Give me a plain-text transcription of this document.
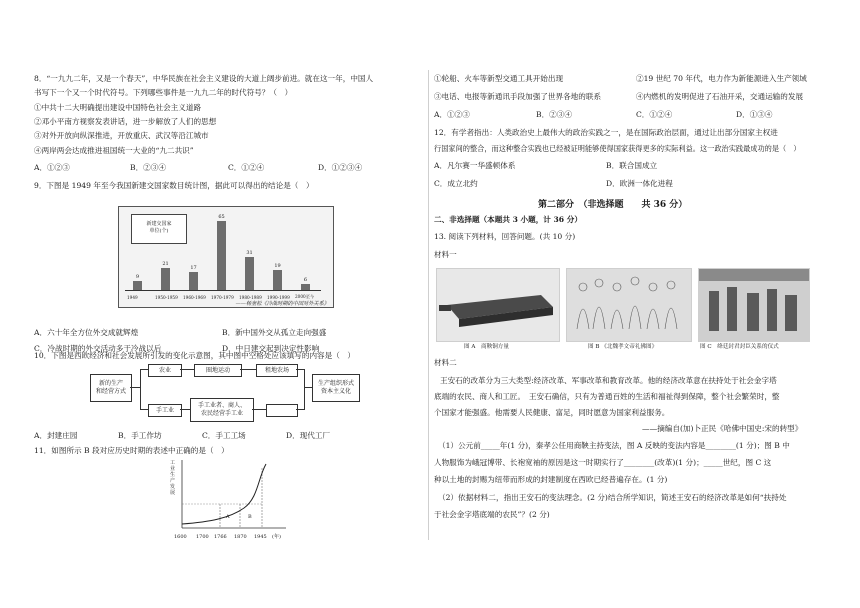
8．“一九九二年，又是一个春天”，中华民族在社会主义建设的大道上阔步前进。就在这一年，中国人
书写下一个又一个时代符号。下列哪些事件是一九九二年的时代符号？（　）
①中共十二大明确提出建设中国特色社会主义道路
②邓小平南方视察发表讲话，进一步解放了人们的思想
③对外开放向纵深推进，开放重庆、武汉等沿江城市
④两岸两会达成推进祖国统一大业的“九二共识”
A．①②③	B．②③④	C．①②④	D．①②③④
9．下图是 1949 年至今我国新建交国家数目统计图，据此可以得出的结论是（　）
新建交国家
单位(个)
——杨奎松《冷战时期的中国对外关系》
9
1949
21
1950-1959
17
1960-1969
65
1970-1979
31
1980-1989
19
1990-1999
6
2000至今
A．六十年全方位外交成就辉煌	B．新中国外交从孤立走向强盛
C．冷战时期的外交活动多于冷战以后	D．中日建交起到决定性影响
10．下图是西欧经济和社会发展所引发的变化示意图，其中图中空格处应该填写的内容是（　）
新的生产
和经营方式
农业	圈地运动	租地农场
手工业
手工业者、商人、
农民经营手工业
生产组织形式
资本主义化
A．封建庄园	B．手工作坊	C．手工工场	D．现代工厂
11．如图所示 B 段对应历史时期的表述中正确的是（　）
工业生产发展
A	B
1600 1700 1766 1870 1945 (年)
①轮船、火车等新型交通工具开始出现	②19 世纪 70 年代，电力作为新能源进入生产领域
③电话、电报等新通讯手段加强了世界各地的联系	④内燃机的发明促进了石油开采，交通运输的发展
A．①②③	B．②③④	C．①②④	D．①③④
12．有学者指出：人类政治史上最伟大的政治实践之一，是在国际政治层面，通过让出部分国家主权进
行国家间的整合，而这种整合实践也已经被证明能够使得国家获得更多的实际利益。这一政治实践最成功的是（　）
A．凡尔赛一华盛顿体系	B．联合国成立
C．成立北约	D．欧洲一体化进程
第二部分　（非选择题　　共 36 分）
二、非选择题（本题共 3 小题，计 36 分）
13. 阅读下列材料，回答问题。(共 10 分)
材料一
图 A　商鞅铜方量	图 B 《北魏孝文帝礼佛图》	图 C　绛廷封君封臣关系的仪式
材料二
王安石的改革分为三大类型:经济改革、军事改革和教育改革。他的经济改革意在扶持处于社会金字塔
底端的农民、商人和工匠。　王安石确信，只有为普通百姓的生活和福祉得到保障，整个社会繁荣时，整
个国家才能强盛。他需要人民健康、富足，同时愿意为国家利益服务。
——摘编自(加)卜正民《哈佛中国史:宋的转型》
（1）公元前_____年(1 分)，秦孝公任用商鞅主持变法，图 A 反映的变法内容是________(1 分)；图 B 中
人物服饰为峨冠博带、长袍宽袖的原因是这一时期实行了________(改革)(1 分)；_____世纪，图 C 这
种以土地的封赐为纽带而形成的封建制度在西欧已经普遍存在。(1 分)
（2）依据材料二，指出王安石的变法理念。(2 分)结合所学知识，简述王安石的经济改革是如何“扶持处
于社会金字塔底端的农民”？(2 分)
